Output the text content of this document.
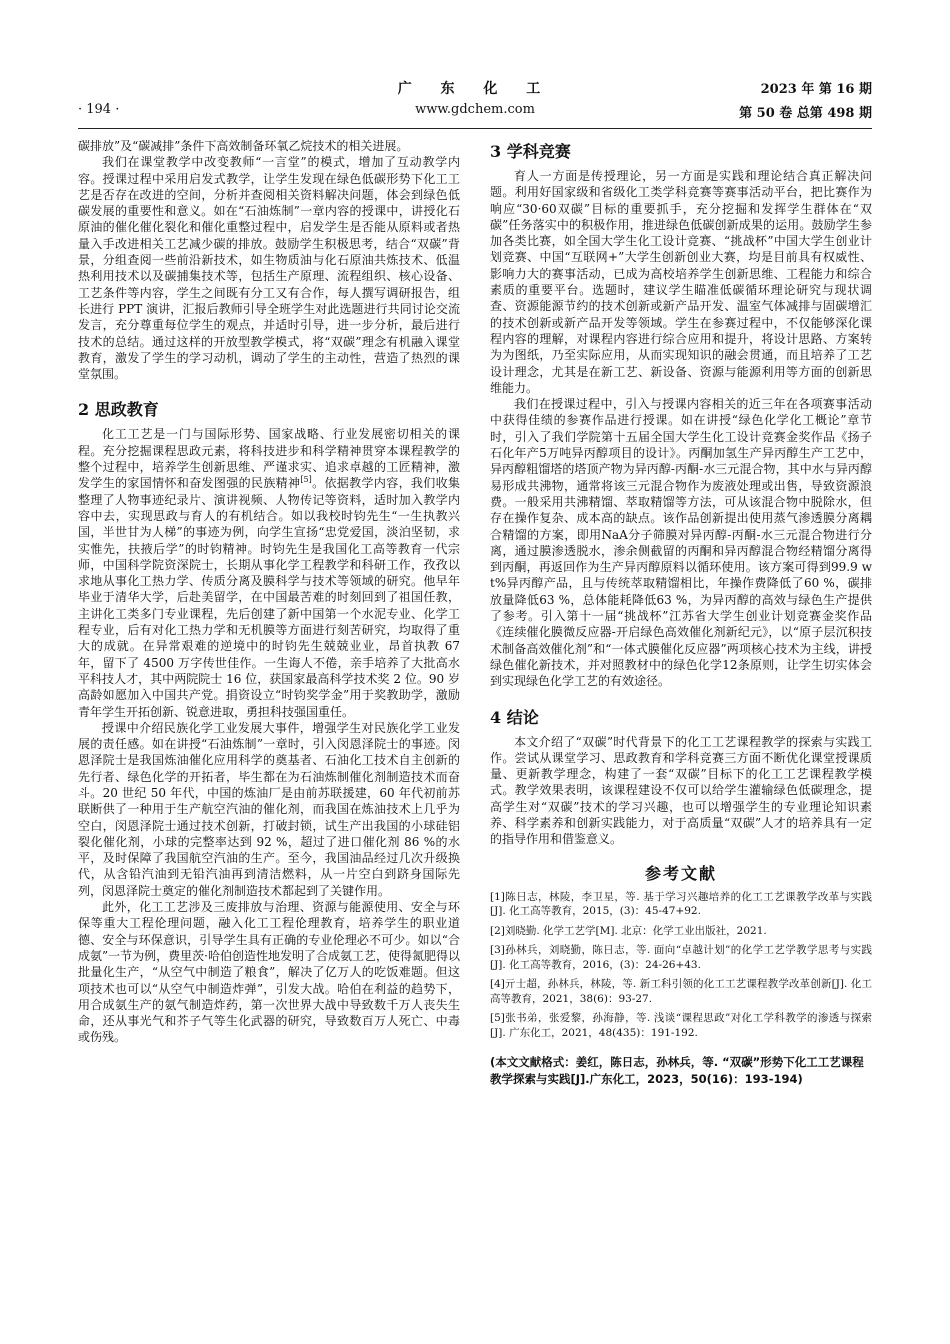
· 194 ·
广 东 化 工
www.gdchem.com
2023 年 第 16 期
第 50 卷 总第 498 期

碳排放”及“碳减排”条件下高效制备环氧乙烷技术的相关进展。

我们在课堂教学中改变教师“一言堂”的模式，增加了互动教学内容。授课过程中采用启发式教学，让学生发现在绿色低碳形势下化工工艺是否存在改进的空间，分析并查阅相关资料解决问题，体会到绿色低碳发展的重要性和意义。如在“石油炼制”一章内容的授课中，讲授化石原油的催化催化裂化和催化重整过程中，启发学生是否能从原料或者热量入手改进相关工艺减少碳的排放。鼓励学生积极思考，结合“双碳”背景，分组查阅一些前沿新技术，如生物质油与化石原油共炼技术、低温热利用技术以及碳捕集技术等，包括生产原理、流程组织、核心设备、工艺条件等内容，学生之间既有分工又有合作，每人撰写调研报告，组长进行 PPT 演讲，汇报后教师引导全班学生对此选题进行共同讨论交流发言，充分尊重每位学生的观点，并适时引导，进一步分析，最后进行技术的总结。通过这样的开放型教学模式，将“双碳”理念有机融入课堂教育，激发了学生的学习动机，调动了学生的主动性，营造了热烈的课堂氛围。

2 思政教育

化工工艺是一门与国际形势、国家战略、行业发展密切相关的课程。充分挖掘课程思政元素，将科技进步和科学精神贯穿本课程教学的整个过程中，培养学生创新思维、严谨求实、追求卓越的工匠精神，激发学生的家国情怀和奋发图强的民族精神[5]。依据教学内容，我们收集整理了人物事迹纪录片、演讲视频、人物传记等资料，适时加入教学内容中去，实现思政与育人的有机结合。如以我校时钧先生“一生执教兴国，半世甘为人梯”的事迹为例，向学生宣扬“忠党爱国，淡泊坚韧，求实惟先，扶掖后学”的时钧精神。时钧先生是我国化工高等教育一代宗师，中国科学院资深院士，长期从事化学工程教学和科研工作，孜孜以求地从事化工热力学、传质分离及膜科学与技术等领域的研究。他早年毕业于清华大学，后赴美留学，在中国最苦难的时刻回到了祖国任教，主讲化工类多门专业课程，先后创建了新中国第一个水泥专业、化学工程专业，后有对化工热力学和无机膜等方面进行刻苦研究，均取得了重大的成就。在异常艰难的逆境中的时钧先生兢兢业业，昂首执教 67 年，留下了 4500 万字传世佳作。一生诲人不倦，亲手培养了大批高水平科技人才，其中两院院士 16 位，获国家最高科学技术奖 2 位。90 岁高龄如愿加入中国共产党。捐资设立“时钧奖学金”用于奖教助学，激励青年学生开拓创新、锐意进取，勇担科技强国重任。

授课中介绍民族化学工业发展大事件，增强学生对民族化学工业发展的责任感。如在讲授“石油炼制”一章时，引入闵恩泽院士的事迹。闵恩泽院士是我国炼油催化应用科学的奠基者、石油化工技术自主创新的先行者、绿色化学的开拓者，毕生都在为石油炼制催化剂制造技术而奋斗。20 世纪 50 年代，中国的炼油厂是由前苏联援建，60 年代初前苏联断供了一种用于生产航空汽油的催化剂，而我国在炼油技术上几乎为空白，闵恩泽院士通过技术创新，打破封锁，试生产出我国的小球硅铝裂化催化剂，小球的完整率达到 92 %，超过了进口催化剂 86 %的水平，及时保障了我国航空汽油的生产。至今，我国油品经过几次升级换代，从含铅汽油到无铅汽油再到清洁燃料，从一片空白到跻身国际先列，闵恩泽院士奠定的催化剂制造技术都起到了关键作用。

此外，化工工艺涉及三废排放与治理、资源与能源使用、安全与环保等重大工程伦理问题，融入化工工程伦理教育，培养学生的职业道德、安全与环保意识，引导学生具有正确的专业伦理必不可少。如以“合成氨”一节为例，费里茨·哈伯创造性地发明了合成氨工艺，使得氮肥得以批量化生产，“从空气中制造了粮食”，解决了亿万人的吃饭难题。但这项技术也可以“从空气中制造炸弹”，引发大战。哈伯在利益的趋势下，用合成氨生产的氨气制造炸药，第一次世界大战中导致数千万人丧失生命，还从事光气和芥子气等生化武器的研究，导致数百万人死亡、中毒或伤残。

3 学科竞赛

育人一方面是传授理论，另一方面是实践和理论结合真正解决问题。利用好国家级和省级化工类学科竞赛等赛事活动平台，把比赛作为响应“30·60双碳”目标的重要抓手，充分挖掘和发挥学生群体在“双碳”任务落实中的积极作用，推进绿色低碳创新成果的运用。鼓励学生参加各类比赛，如全国大学生化工设计竞赛、“挑战杯”中国大学生创业计划竞赛、中国“互联网+”大学生创新创业大赛，均是目前具有权威性、影响力大的赛事活动，已成为高校培养学生创新思维、工程能力和综合素质的重要平台。选题时，建议学生瞄准低碳循环理论研究与现状调查、资源能源节约的技术创新或新产品开发、温室气体减排与固碳增汇的技术创新或新产品开发等领域。学生在参赛过程中，不仅能够深化课程内容的理解，对课程内容进行综合应用和提升，将设计思路、方案转为为图纸，乃至实际应用，从而实现知识的融会贯通，而且培养了工艺设计理念，尤其是在新工艺、新设备、资源与能源利用等方面的创新思维能力。

我们在授课过程中，引入与授课内容相关的近三年在各项赛事活动中获得佳绩的参赛作品进行授课。如在讲授“绿色化学化工概论”章节时，引入了我们学院第十五届全国大学生化工设计竞赛金奖作品《扬子石化年产5万吨异丙醇项目的设计》。丙酮加氢生产异丙醇生产工艺中，异丙醇粗馏塔的塔顶产物为异丙醇-丙酮-水三元混合物，其中水与异丙醇易形成共沸物，通常将该三元混合物作为废液处理或出售，导致资源浪费。一般采用共沸精馏、萃取精馏等方法，可从该混合物中脱除水，但存在操作复杂、成本高的缺点。该作品创新提出使用蒸气渗透膜分离耦合精馏的方案，即用NaA分子筛膜对异丙醇-丙酮-水三元混合物进行分离，通过膜渗透脱水，渗余侧截留的丙酮和异丙醇混合物经精馏分离得到丙酮，再返回作为生产异丙醇原料以循环使用。该方案可得到99.9 wt%异丙醇产品，且与传统萃取精馏相比，年操作费降低了60 %，碳排放量降低63 %，总体能耗降低63 %，为异丙醇的高效与绿色生产提供了参考。引入第十一届“挑战杯”江苏省大学生创业计划竞赛金奖作品《连续催化膜微反应器-开启绿色高效催化剂新纪元》，以“原子层沉积技术制备高效催化剂”和“一体式膜催化反应器”两项核心技术为主线，讲授绿色催化新技术，并对照教材中的绿色化学12条原则，让学生切实体会到实现绿色化学工艺的有效途径。

4 结论

本文介绍了“双碳”时代背景下的化工工艺课程教学的探索与实践工作。尝试从课堂学习、思政教育和学科竞赛三方面不断优化课堂授课质量、更新教学理念，构建了一套“双碳”目标下的化工工艺课程教学模式。教学效果表明，该课程建设不仅可以给学生灌输绿色低碳理念，提高学生对“双碳”技术的学习兴趣，也可以增强学生的专业理论知识素养、科学素养和创新实践能力，对于高质量“双碳”人才的培养具有一定的指导作用和借鉴意义。

参考文献
[1]陈日志，林陵，李卫星，等. 基于学习兴趣培养的化工工艺课教学改革与实践[J]. 化工高等教育，2015，(3)：45-47+92.
[2]刘晓勤. 化学工艺学[M]. 北京：化学工业出版社，2021.
[3]孙林兵，刘晓勤，陈日志，等. 面向“卓越计划”的化学工艺学教学思考与实践[J]. 化工高等教育，2016，(3)：24-26+43.
[4]亓士超，孙林兵，林陵，等. 新工科引领的化工工艺课程教学改革创新[J]. 化工高等教育，2021，38(6)：93-27.
[5]张书弟，张爱黎，孙海静，等. 浅谈“课程思政”对化工学科教学的渗透与探索[J]. 广东化工，2021，48(435)：191-192.
(本文文献格式：姜红，陈日志，孙林兵，等. “双碳”形势下化工工艺课程教学探索与实践[J].广东化工，2023，50(16)：193-194)
